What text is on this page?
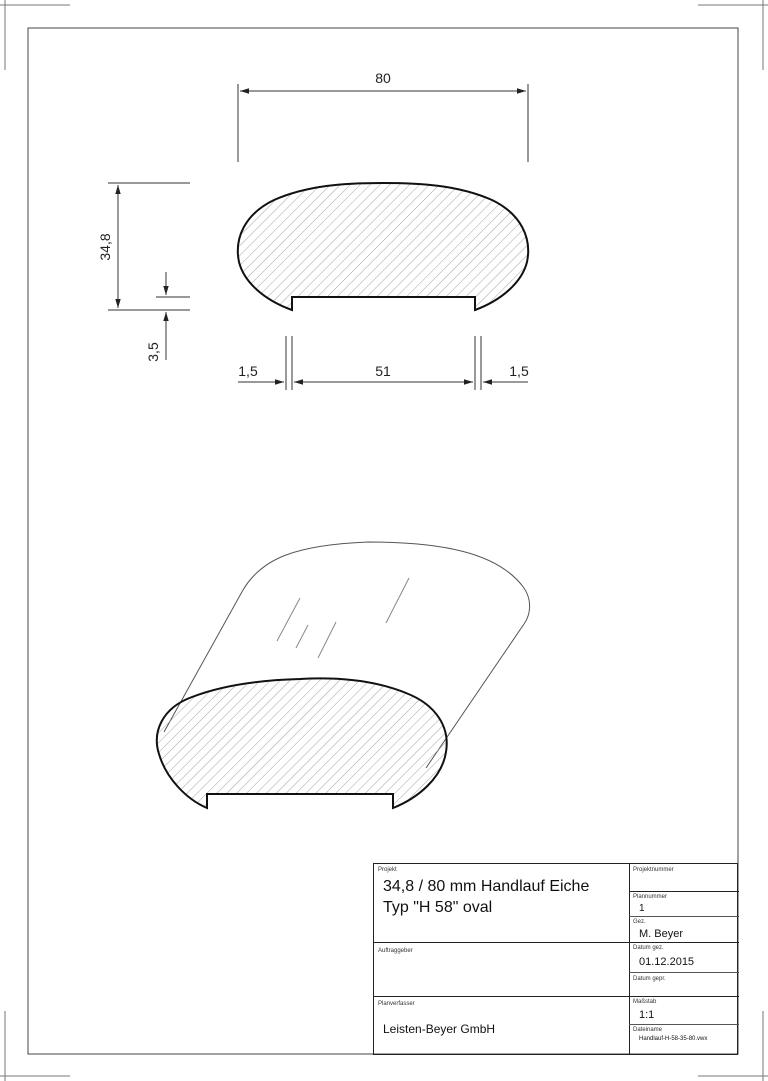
80
34,8
3,5
1,5	51	1,5
Projekt
34,8 / 80 mm Handlauf Eiche
Typ "H 58" oval
Auftraggeber
Planverfasser
Leisten-Beyer GmbH
Projektnummer
Plannummer
1
Gez.
M. Beyer
Datum gez.
01.12.2015
Datum gepr.
Maßstab
1:1
Dateiname
Handlauf-H-58-35-80.vwx
